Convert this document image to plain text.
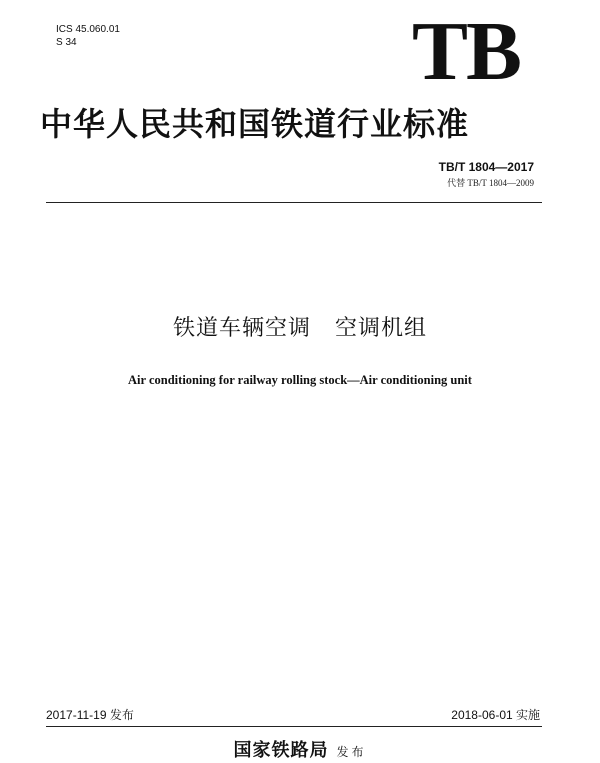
ICS 45.060.01
S 34	TB
中华人民共和国铁道行业标准
TB/T 1804—2017
代替 TB/T 1804—2009
铁道车辆空调   空调机组
Air conditioning for railway rolling stock—Air conditioning unit
2017-11-19 发布	2018-06-01 实施
国家铁路局 发布
